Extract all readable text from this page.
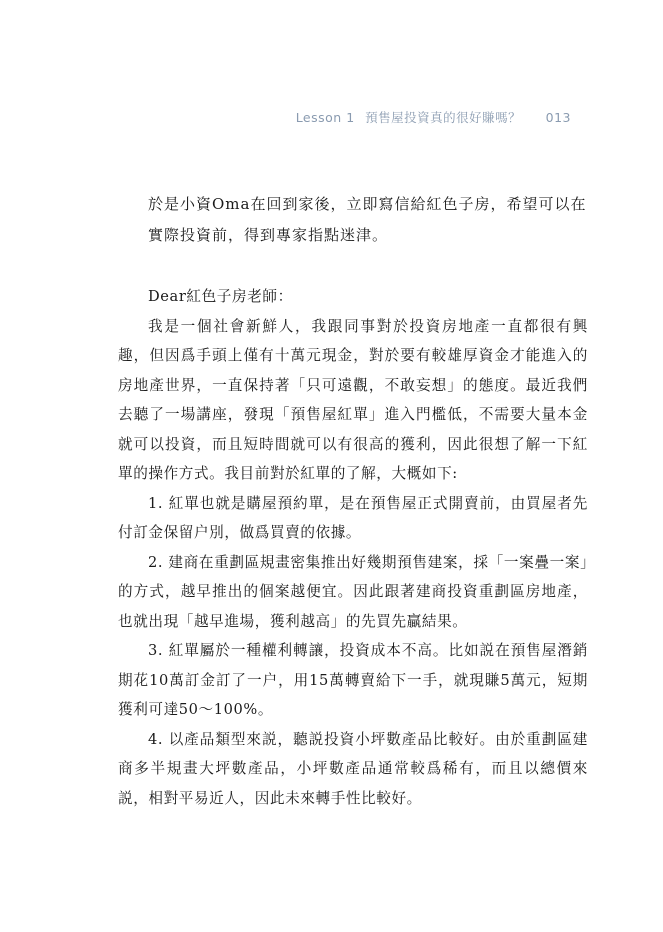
Lesson 1 預售屋投資真的很好賺嗎？ 013

於是小資Oma在回到家後，立即寫信給紅色子房，希望可以在實際投資前，得到專家指點迷津。

Dear紅色子房老師：

我是一個社會新鮮人，我跟同事對於投資房地產一直都很有興趣，但因爲手頭上僅有十萬元現金，對於要有較雄厚資金才能進入的房地產世界，一直保持著「只可遠觀，不敢妄想」的態度。最近我們去聽了一場講座，發現「預售屋紅單」進入門檻低，不需要大量本金就可以投資，而且短時間就可以有很高的獲利，因此很想了解一下紅單的操作方式。我目前對於紅單的了解，大概如下:

1. 紅單也就是購屋預約單，是在預售屋正式開賣前，由買屋者先付訂金保留户別，做爲買賣的依據。

2. 建商在重劃區規畫密集推出好幾期預售建案，採「一案疊一案」的方式，越早推出的個案越便宜。因此跟著建商投資重劃區房地產，也就出現「越早進場，獲利越高」的先買先贏結果。

3. 紅單屬於一種權利轉讓，投資成本不高。比如説在預售屋潛銷期花10萬訂金訂了一户，用15萬轉賣給下一手，就現賺5萬元，短期獲利可達50～100%。

4. 以產品類型來説，聽説投資小坪數產品比較好。由於重劃區建商多半規畫大坪數產品，小坪數產品通常較爲稀有，而且以總價來説，相對平易近人，因此未來轉手性比較好。
